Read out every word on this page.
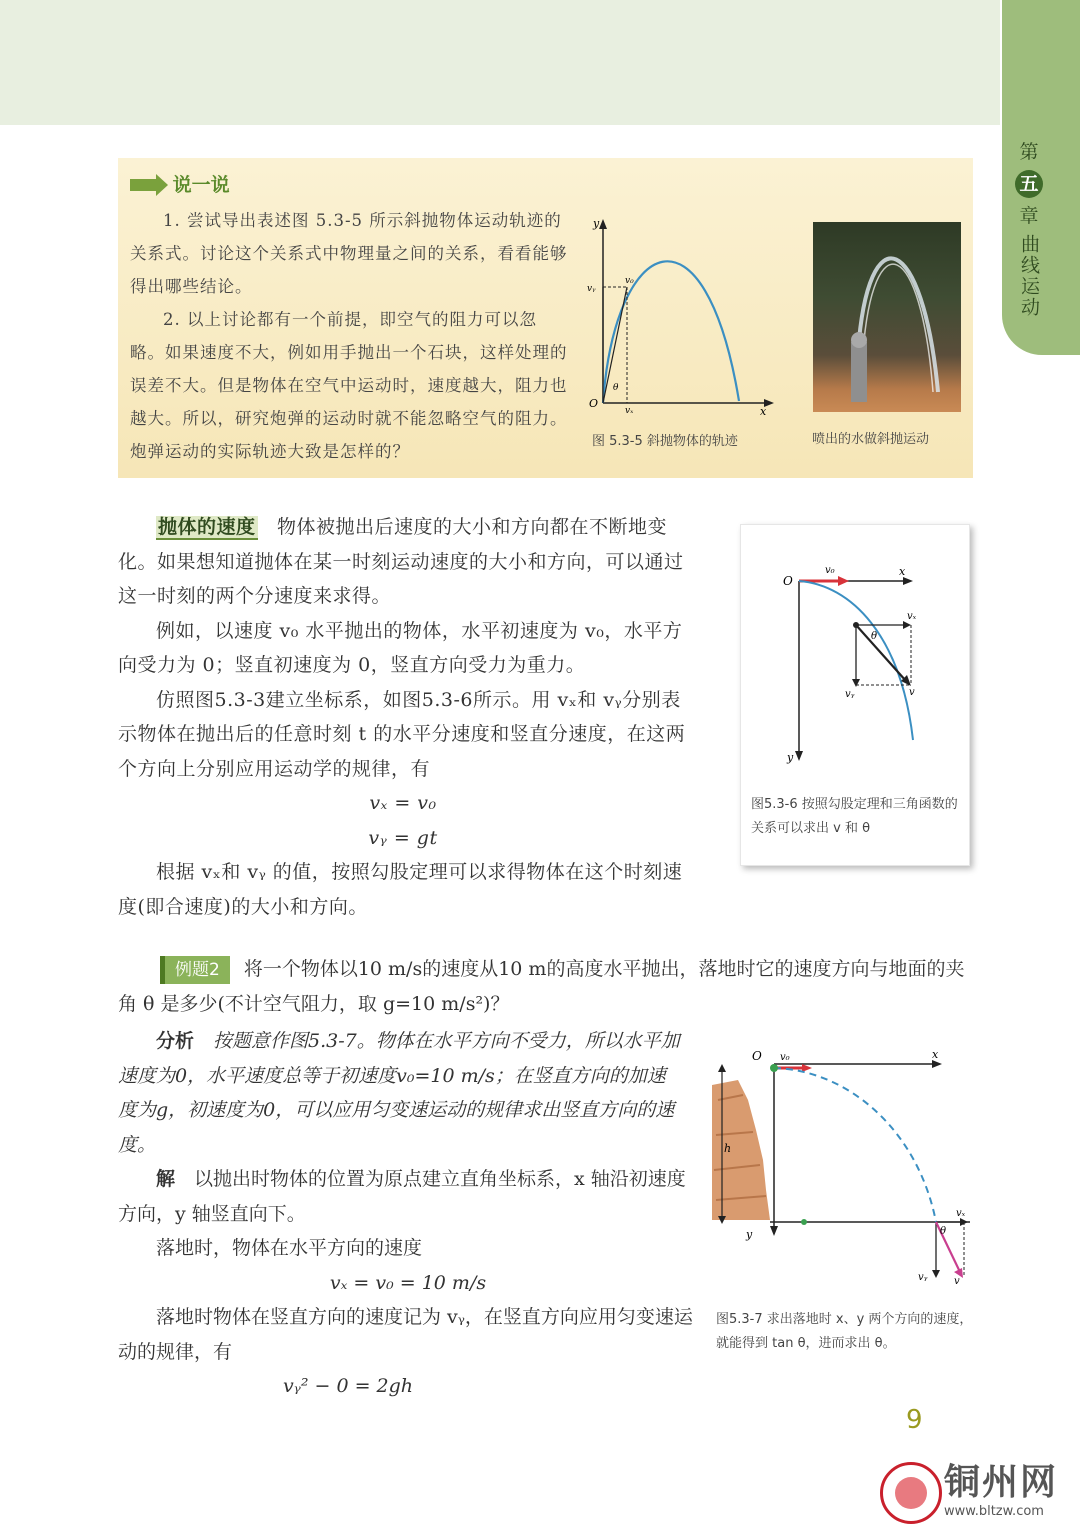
第
五
章
曲线运动
说一说

1. 尝试导出表述图 5.3-5 所示斜抛物体运动轨迹的关系式。讨论这个关系式中物理量之间的关系，看看能够得出哪些结论。

2. 以上讨论都有一个前提，即空气的阻力可以忽略。如果速度不大，例如用手抛出一个石块，这样处理的误差不大。但是物体在空气中运动时，速度越大，阻力也越大。所以，研究炮弹的运动时就不能忽略空气的阻力。炮弹运动的实际轨迹大致是怎样的？

y
x
O
v₀
vᵧ
vₓ
θ
图 5.3-5 斜抛物体的轨迹	喷出的水做斜抛运动

抛体的速度　 物体被抛出后速度的大小和方向都在不断地变化。如果想知道抛体在某一时刻运动速度的大小和方向，可以通过这一时刻的两个分速度来求得。

例如，以速度 v₀ 水平抛出的物体，水平初速度为 v₀，水平方向受力为 0；竖直初速度为 0，竖直方向受力为重力。

仿照图5.3-3建立坐标系，如图5.3-6所示。用 vₓ和 vᵧ分别表示物体在抛出后的任意时刻 t 的水平分速度和竖直分速度，在这两个方向上分别应用运动学的规律，有

vₓ = v₀

vᵧ = gt

根据 vₓ和 vᵧ 的值，按照勾股定理可以求得物体在这个时刻速度(即合速度)的大小和方向。

O
x
y
v₀
vₓ
vᵧ	v
θ
图5.3-6 按照勾股定理和三角函数的关系可以求出 v 和 θ
例题2 将一个物体以10 m/s的速度从10 m的高度水平抛出，落地时它的速度方向与地面的夹角 θ 是多少(不计空气阻力，取 g=10 m/s²)？

分析　 按题意作图5.3-7。物体在水平方向不受力，所以水平加速度为0，水平速度总等于初速度v₀=10 m/s；在竖直方向的加速度为g，初速度为0，可以应用匀变速运动的规律求出竖直方向的速度。

解　 以抛出时物体的位置为原点建立直角坐标系，x 轴沿初速度方向，y 轴竖直向下。

落地时，物体在水平方向的速度

vₓ = v₀ = 10 m/s

落地时物体在竖直方向的速度记为 vᵧ，在竖直方向应用匀变速运动的规律，有

vᵧ² − 0 = 2gh

O	x
y
v₀
h
vₓ
vᵧ	v
θ
图5.3-7 求出落地时 x、y 两个方向的速度，就能得到 tan θ，进而求出 θ。
9
铜州网
www.bltzw.com
